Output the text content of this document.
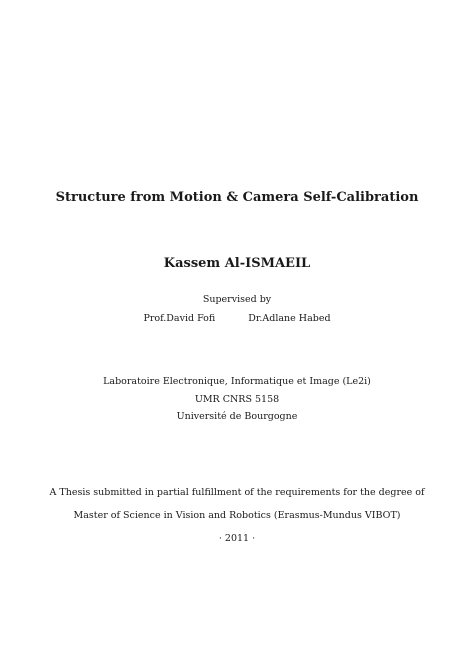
Structure from Motion & Camera Self-Calibration
Kassem Al-ISMAEIL
Supervised by
Prof.David Fofi	Dr.Adlane Habed
Laboratoire Electronique, Informatique et Image (Le2i)
UMR CNRS 5158
Université de Bourgogne
A Thesis submitted in partial fulfillment of the requirements for the degree of
Master of Science in Vision and Robotics (Erasmus-Mundus VIBOT)
· 2011 ·
